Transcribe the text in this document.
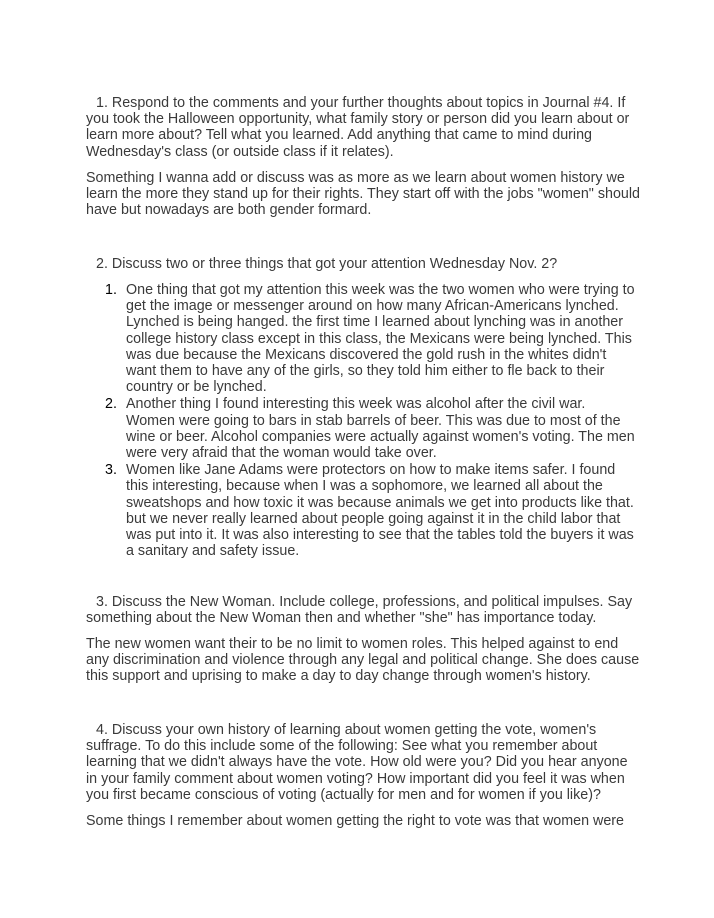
1. Respond to the comments and your further thoughts about topics in Journal #4. If you took the Halloween opportunity, what family story or person did you learn about or learn more about? Tell what you learned. Add anything that came to mind during Wednesday's class (or outside class if it relates).

Something I wanna add or discuss was as more as we learn about women history we learn the more they stand up for their rights. They start off with the jobs "women" should have but nowadays are both gender formard.

2. Discuss two or three things that got your attention Wednesday Nov. 2?

1. One thing that got my attention this week was the two women who were trying to get the image or messenger around on how many African-Americans lynched. Lynched is being hanged. the first time I learned about lynching was in another college history class except in this class, the Mexicans were being lynched. This was due because the Mexicans discovered the gold rush in the whites didn't want them to have any of the girls, so they told him either to fle back to their country or be lynched.
2. Another thing I found interesting this week was alcohol after the civil war. Women were going to bars in stab barrels of beer. This was due to most of the wine or beer. Alcohol companies were actually against women's voting. The men were very afraid that the woman would take over.
3. Women like Jane Adams were protectors on how to make items safer. I found this interesting, because when I was a sophomore, we learned all about the sweatshops and how toxic it was because animals we get into products like that. but we never really learned about people going against it in the child labor that was put into it. It was also interesting to see that the tables told the buyers it was a sanitary and safety issue.

3. Discuss the New Woman. Include college, professions, and political impulses. Say something about the New Woman then and whether "she" has importance today.

The new women want their to be no limit to women roles. This helped against to end any discrimination and violence through any legal and political change. She does cause this support and uprising to make a day to day change through women's history.

4. Discuss your own history of learning about women getting the vote, women's suffrage. To do this include some of the following: See what you remember about learning that we didn't always have the vote. How old were you? Did you hear anyone in your family comment about women voting? How important did you feel it was when you first became conscious of voting (actually for men and for women if you like)?

Some things I remember about women getting the right to vote was that women were
